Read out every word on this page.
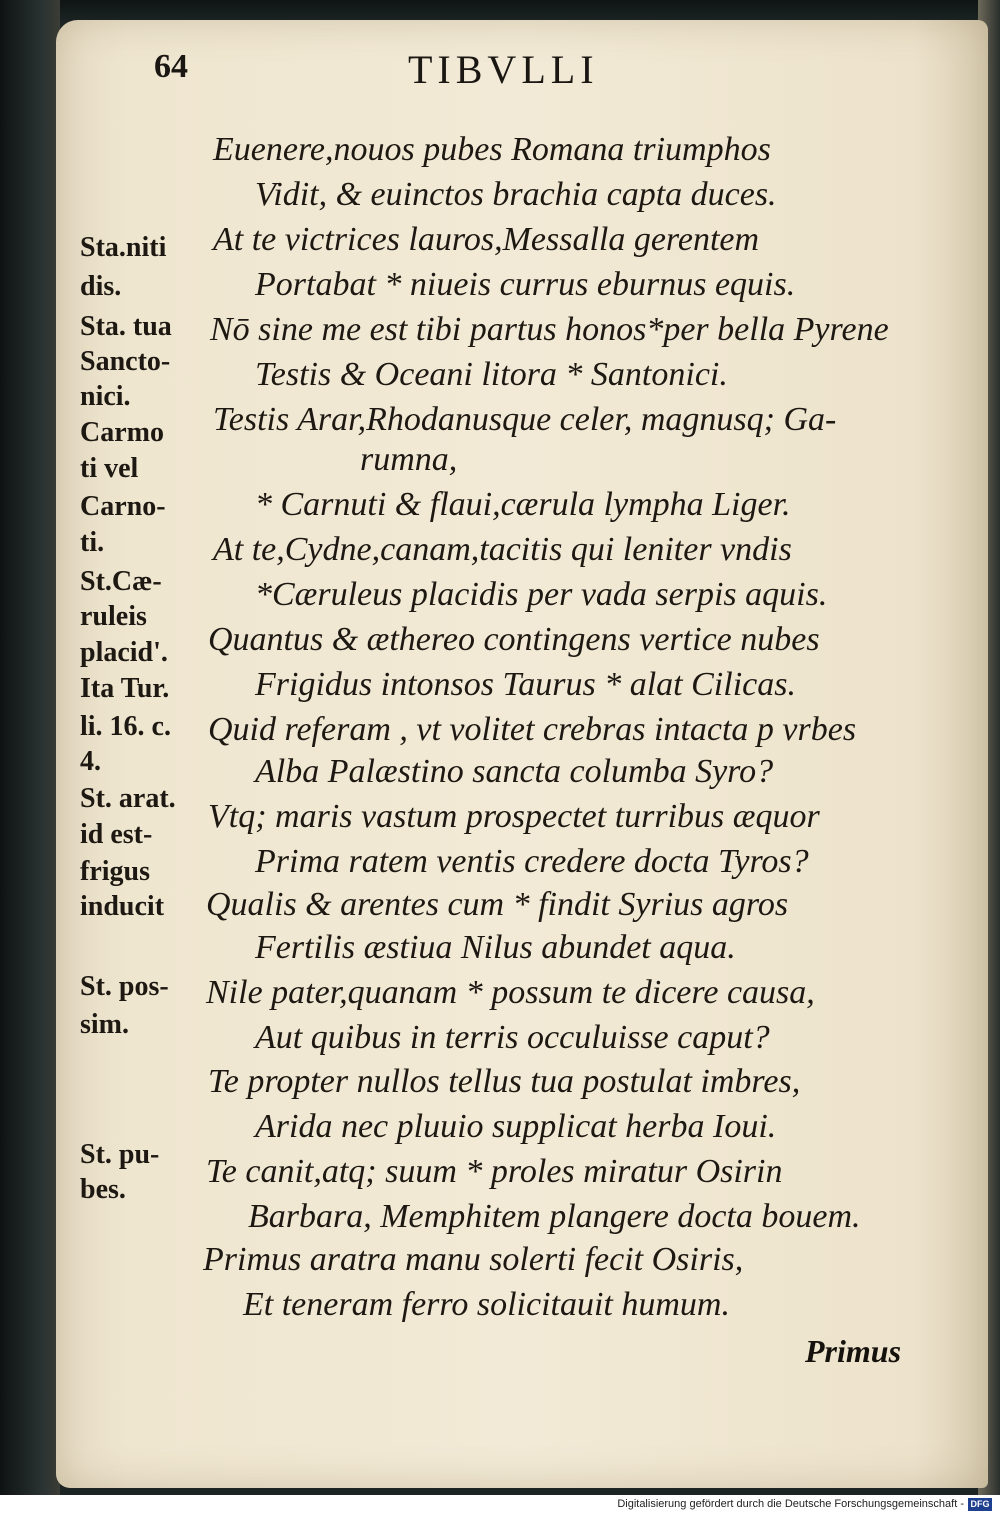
64	TIBVLLI
Euenere,nouos pubes Romana triumphos
Vidit, & euinctos brachia capta duces.
At te victrices lauros,Messalla gerentem
Portabat * niueis currus eburnus equis.
Nō sine me est tibi partus honos*per bella Pyrene
Testis & Oceani litora * Santonici.
Testis Arar,Rhodanusque celer, magnusq; Ga-
rumna,
* Carnuti & flaui,cærula lympha Liger.
At te,Cydne,canam,tacitis qui leniter vndis
*Cæruleus placidis per vada serpis aquis.
Quantus & æthereo contingens vertice nubes
Frigidus intonsos Taurus * alat Cilicas.
Quid referam , vt volitet crebras intacta p vrbes
Alba Palæstino sancta columba Syro?
Vtq; maris vastum prospectet turribus æquor
Prima ratem ventis credere docta Tyros?
Qualis & arentes cum * findit Syrius agros
Fertilis æstiua Nilus abundet aqua.
Nile pater,quanam * possum te dicere causa,
Aut quibus in terris occuluisse caput?
Te propter nullos tellus tua postulat imbres,
Arida nec pluuio supplicat herba Ioui.
Te canit,atq; suum * proles miratur Osirin
Barbara, Memphitem plangere docta bouem.
Primus aratra manu solerti fecit Osiris,
Et teneram ferro solicitauit humum.
Sta.niti
dis.
Sta. tua
Sancto-
nici.
Carmo
ti vel
Carno-
ti.
St.Cæ-
ruleis
placid'.
Ita Tur.
li. 16. c.
4.
St. arat.
id est-
frigus
inducit
St. pos-
sim.
St. pu-
bes.
Primus
Digitalisierung gefördert durch die Deutsche Forschungsgemeinschaft - DFG
